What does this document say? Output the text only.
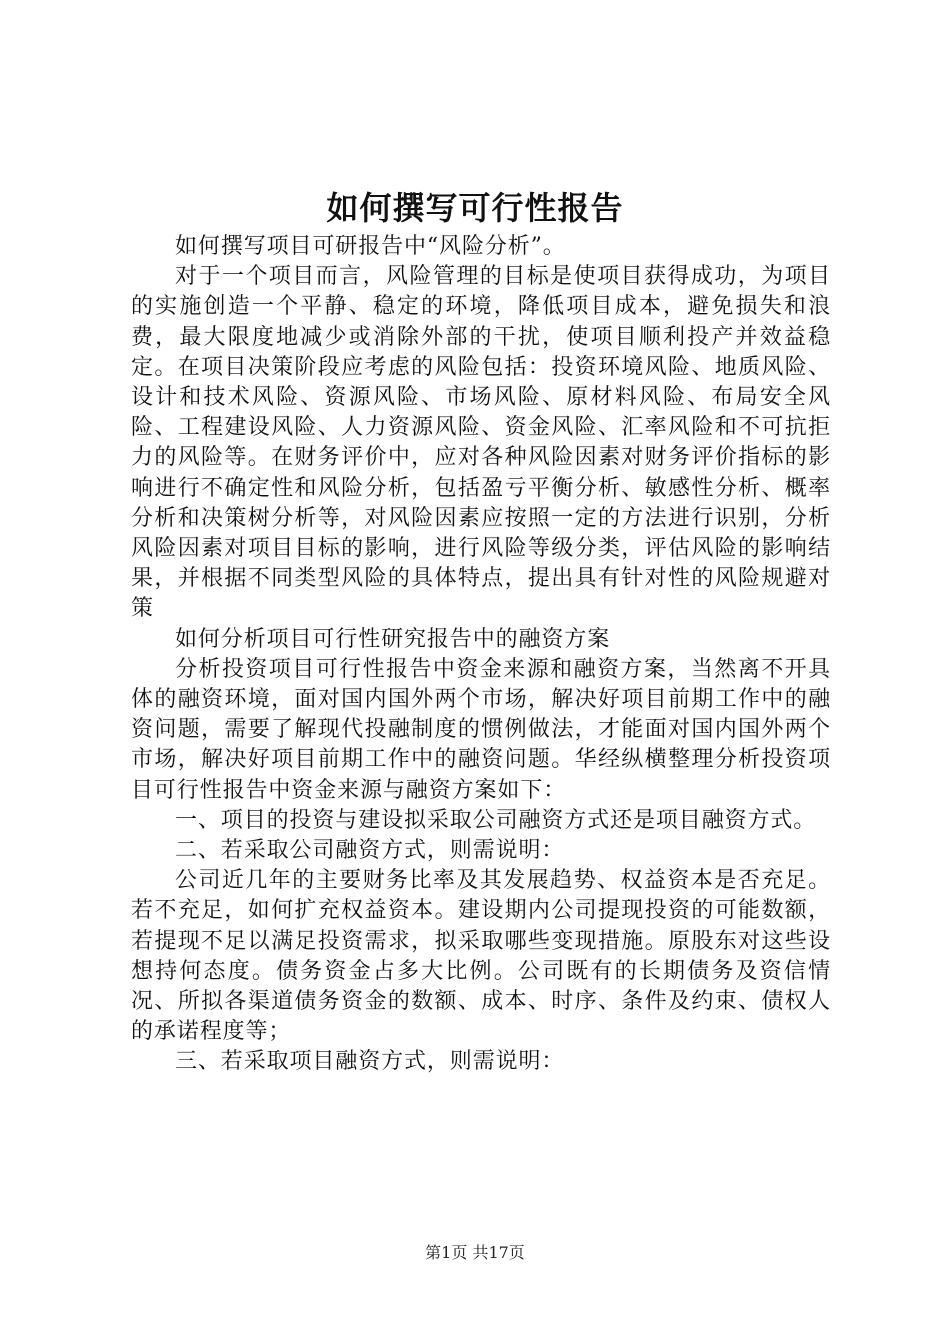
如何撰写可行性报告

如何撰写项目可研报告中“风险分析”。

对于一个项目而言，风险管理的目标是使项目获得成功，为项目的实施创造一个平静、稳定的环境，降低项目成本，避免损失和浪费，最大限度地减少或消除外部的干扰，使项目顺利投产并效益稳定。在项目决策阶段应考虑的风险包括：投资环境风险、地质风险、设计和技术风险、资源风险、市场风险、原材料风险、布局安全风险、工程建设风险、人力资源风险、资金风险、汇率风险和不可抗拒力的风险等。在财务评价中，应对各种风险因素对财务评价指标的影响进行不确定性和风险分析，包括盈亏平衡分析、敏感性分析、概率分析和决策树分析等，对风险因素应按照一定的方法进行识别，分析风险因素对项目目标的影响，进行风险等级分类，评估风险的影响结果，并根据不同类型风险的具体特点，提出具有针对性的风险规避对策

如何分析项目可行性研究报告中的融资方案

分析投资项目可行性报告中资金来源和融资方案，当然离不开具体的融资环境，面对国内国外两个市场，解决好项目前期工作中的融资问题，需要了解现代投融制度的惯例做法，才能面对国内国外两个市场，解决好项目前期工作中的融资问题。华经纵横整理分析投资项目可行性报告中资金来源与融资方案如下：

一、项目的投资与建设拟采取公司融资方式还是项目融资方式。

二、若采取公司融资方式，则需说明：

公司近几年的主要财务比率及其发展趋势、权益资本是否充足。若不充足，如何扩充权益资本。建设期内公司提现投资的可能数额，若提现不足以满足投资需求，拟采取哪些变现措施。原股东对这些设想持何态度。债务资金占多大比例。公司既有的长期债务及资信情况、所拟各渠道债务资金的数额、成本、时序、条件及约束、债权人的承诺程度等；

三、若采取项目融资方式，则需说明：

第1页 共17页
